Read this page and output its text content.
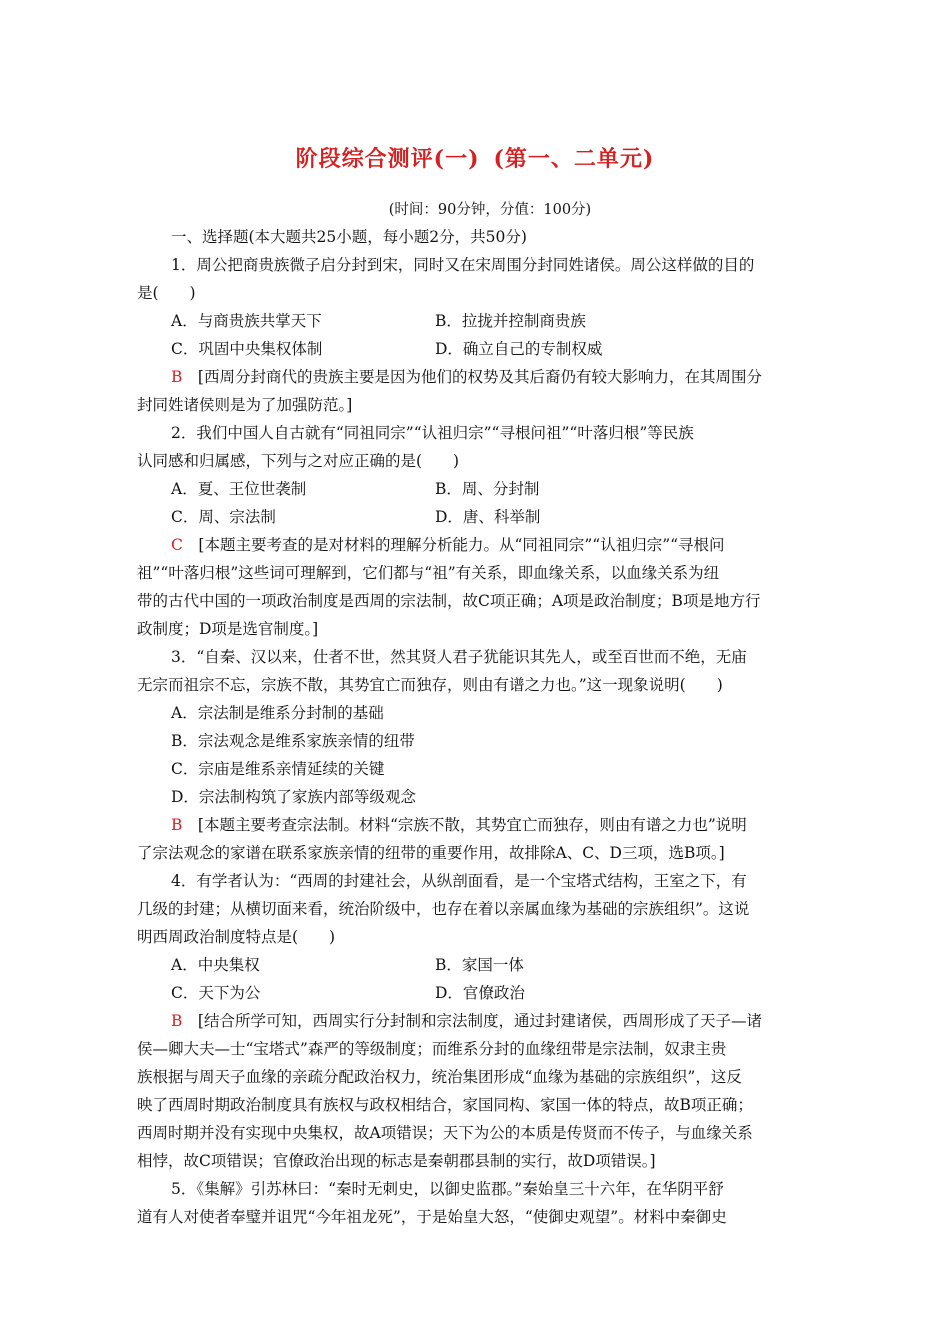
阶段综合测评(一) (第一、二单元)
(时间：90分钟，分值：100分)
一、选择题(本大题共25小题，每小题2分，共50分)
1．周公把商贵族微子启分封到宋，同时又在宋周围分封同姓诸侯。周公这样做的目的
是(　　)
A．与商贵族共掌天下	B．拉拢并控制商贵族
C．巩固中央集权体制	D．确立自己的专制权威
B　 [西周分封商代的贵族主要是因为他们的权势及其后裔仍有较大影响力，在其周围分
封同姓诸侯则是为了加强防范。]
2．我们中国人自古就有“同祖同宗”“认祖归宗”“寻根问祖”“叶落归根”等民族
认同感和归属感，下列与之对应正确的是(　　)
A．夏、王位世袭制	B．周、分封制
C．周、宗法制	D．唐、科举制
C　 [本题主要考查的是对材料的理解分析能力。从“同祖同宗”“认祖归宗”“寻根问
祖”“叶落归根”这些词可理解到，它们都与“祖”有关系，即血缘关系，以血缘关系为纽
带的古代中国的一项政治制度是西周的宗法制，故C项正确；A项是政治制度；B项是地方行
政制度；D项是选官制度。]
3．“自秦、汉以来，仕者不世，然其贤人君子犹能识其先人，或至百世而不绝，无庙
无宗而祖宗不忘，宗族不散，其势宜亡而独存，则由有谱之力也。”这一现象说明(　　)
A．宗法制是维系分封制的基础
B．宗法观念是维系家族亲情的纽带
C．宗庙是维系亲情延续的关键
D．宗法制构筑了家族内部等级观念
B　 [本题主要考查宗法制。材料“宗族不散，其势宜亡而独存，则由有谱之力也”说明
了宗法观念的家谱在联系家族亲情的纽带的重要作用，故排除A、C、D三项，选B项。]
4．有学者认为：“西周的封建社会，从纵剖面看，是一个宝塔式结构，王室之下，有
几级的封建；从横切面来看，统治阶级中，也存在着以亲属血缘为基础的宗族组织”。这说
明西周政治制度特点是(　　)
A．中央集权	B．家国一体
C．天下为公	D．官僚政治
B　 [结合所学可知，西周实行分封制和宗法制度，通过封建诸侯，西周形成了天子—诸
侯—卿大夫—士“宝塔式”森严的等级制度；而维系分封的血缘纽带是宗法制，奴隶主贵
族根据与周天子血缘的亲疏分配政治权力，统治集团形成“血缘为基础的宗族组织”，这反
映了西周时期政治制度具有族权与政权相结合，家国同构、家国一体的特点，故B项正确；
西周时期并没有实现中央集权，故A项错误；天下为公的本质是传贤而不传子，与血缘关系
相悖，故C项错误；官僚政治出现的标志是秦朝郡县制的实行，故D项错误。]
5．《集解》引苏林曰：“秦时无刺史，以御史监郡。”秦始皇三十六年，在华阴平舒
道有人对使者奉璧并诅咒“今年祖龙死”，于是始皇大怒，“使御史观望”。材料中秦御史
